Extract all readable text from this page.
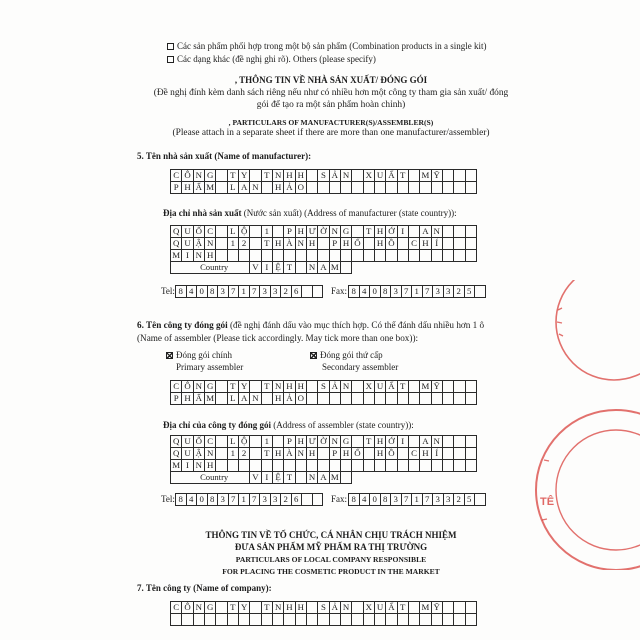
Các sản phẩm phối hợp trong một bộ sản phẩm (Combination products in a single kit)
Các dạng khác (đề nghị ghi rõ). Others (please specify)
, THÔNG TIN VỀ NHÀ SẢN XUẤT/ ĐÓNG GÓI
(Đề nghị đính kèm danh sách riêng nếu như có nhiều hơn một công ty tham gia sản xuất/ đóng
gói để tạo ra một sản phẩm hoàn chỉnh)
, PARTICULARS OF MANUFACTURER(S)/ASSEMBLER(S)
(Please attach in a separate sheet if there are more than one manufacturer/assembler)
5. Tên nhà sản xuất (Name of manufacturer):
C Ô N G	T Y	T N H H	S Ả N	X U Ấ T	M Ỹ
P H Ẩ M L A N	H Ả O
Địa chỉ nhà sản xuất (Nước sản xuất) (Address of manufacturer (state country)):
Q U Ố C	L Ộ	1	P H Ư Ờ N G	T H Ớ I	A N
Q U Ậ N	1 2	T H À N H	P H Ố	H Ồ	C H Í
M I N H
Country	V I Ệ T	N A M
Tel: 8 4 0 8 3 7 1 7 3 3 2 6	Fax: 8 4 0 8 3 7 1 7 3 3 2 5
6. Tên công ty đóng gói (đề nghị đánh dấu vào mục thích hợp. Có thể đánh dấu nhiều hơn 1 ô
(Name of assembler (Please tick accordingly. May tick more than one box)):
Đóng gói chính
Primary assembler
Đóng gói thứ cấp
Secondary assembler
C Ô N G	T Y	T N H H	S Ả N	X U Ấ T	M Ỹ
P H Ẩ M L A N	H Ả O
Địa chỉ của công ty đóng gói (Address of assembler (state country)):
Q U Ố C	L Ộ	1	P H Ư Ờ N G	T H Ớ I	A N
Q U Ậ N	1 2	T H À N H	P H Ố	H Ồ	C H Í
M I N H
Country	V I Ệ T	N A M
Tel: 8 4 0 8 3 7 1 7 3 3 2 6	Fax: 8 4 0 8 3 7 1 7 3 3 2 5
THÔNG TIN VỀ TỔ CHỨC, CÁ NHÂN CHỊU TRÁCH NHIỆM
ĐƯA SẢN PHẨM MỸ PHẨM RA THỊ TRƯỜNG
PARTICULARS OF LOCAL COMPANY RESPONSIBLE
FOR PLACING THE COSMETIC PRODUCT IN THE MARKET
7. Tên công ty (Name of company):
C Ô N G	T Y	T N H H	S Ả N	X U Ấ T	M Ỹ
TÊ
